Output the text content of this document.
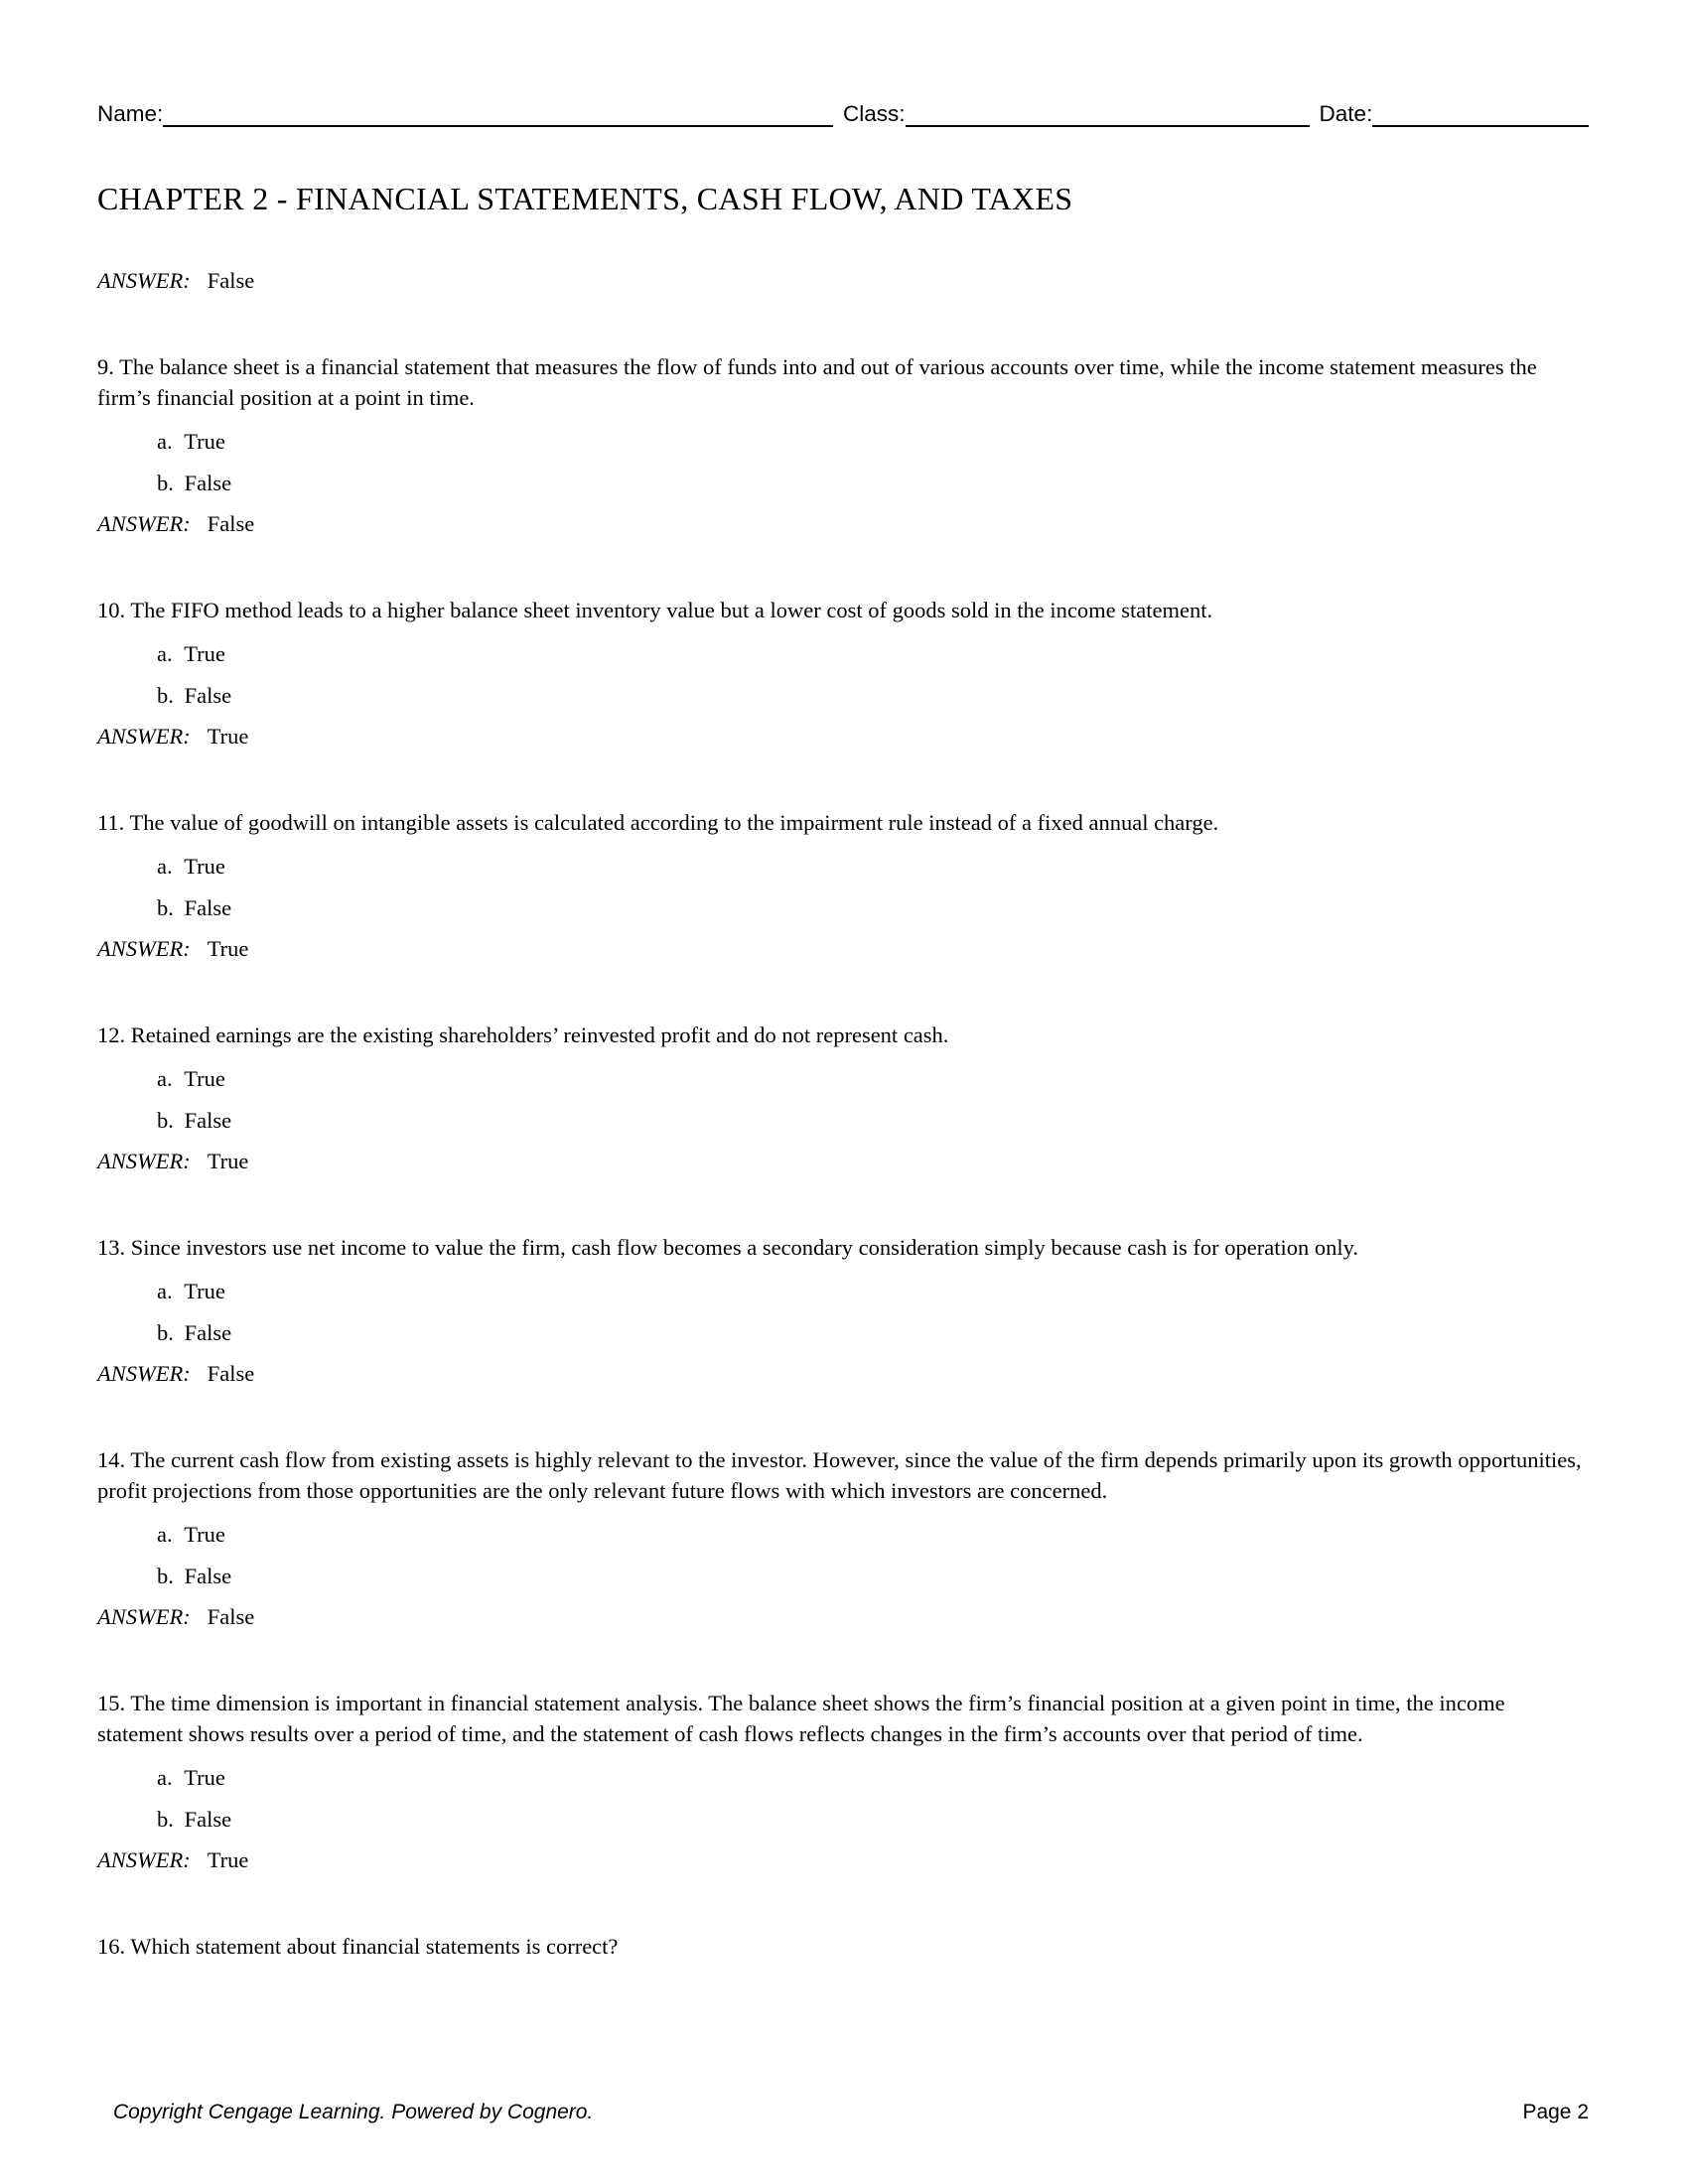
Name:	Class:	Date:
CHAPTER 2 - FINANCIAL STATEMENTS, CASH FLOW, AND TAXES
ANSWER: False

9. The balance sheet is a financial statement that measures the flow of funds into and out of various accounts over time, while the income statement measures the firm’s financial position at a point in time.

a. True
b. False
ANSWER: False

10. The FIFO method leads to a higher balance sheet inventory value but a lower cost of goods sold in the income statement.

a. True
b. False
ANSWER: True

11. The value of goodwill on intangible assets is calculated according to the impairment rule instead of a fixed annual charge.

a. True
b. False
ANSWER: True

12. Retained earnings are the existing shareholders’ reinvested profit and do not represent cash.

a. True
b. False
ANSWER: True

13. Since investors use net income to value the firm, cash flow becomes a secondary consideration simply because cash is for operation only.

a. True
b. False
ANSWER: False

14. The current cash flow from existing assets is highly relevant to the investor. However, since the value of the firm depends primarily upon its growth opportunities, profit projections from those opportunities are the only relevant future flows with which investors are concerned.

a. True
b. False
ANSWER: False

15. The time dimension is important in financial statement analysis. The balance sheet shows the firm’s financial position at a given point in time, the income statement shows results over a period of time, and the statement of cash flows reflects changes in the firm’s accounts over that period of time.

a. True
b. False
ANSWER: True

16. Which statement about financial statements is correct?

Copyright Cengage Learning. Powered by Cognero.	Page 2
